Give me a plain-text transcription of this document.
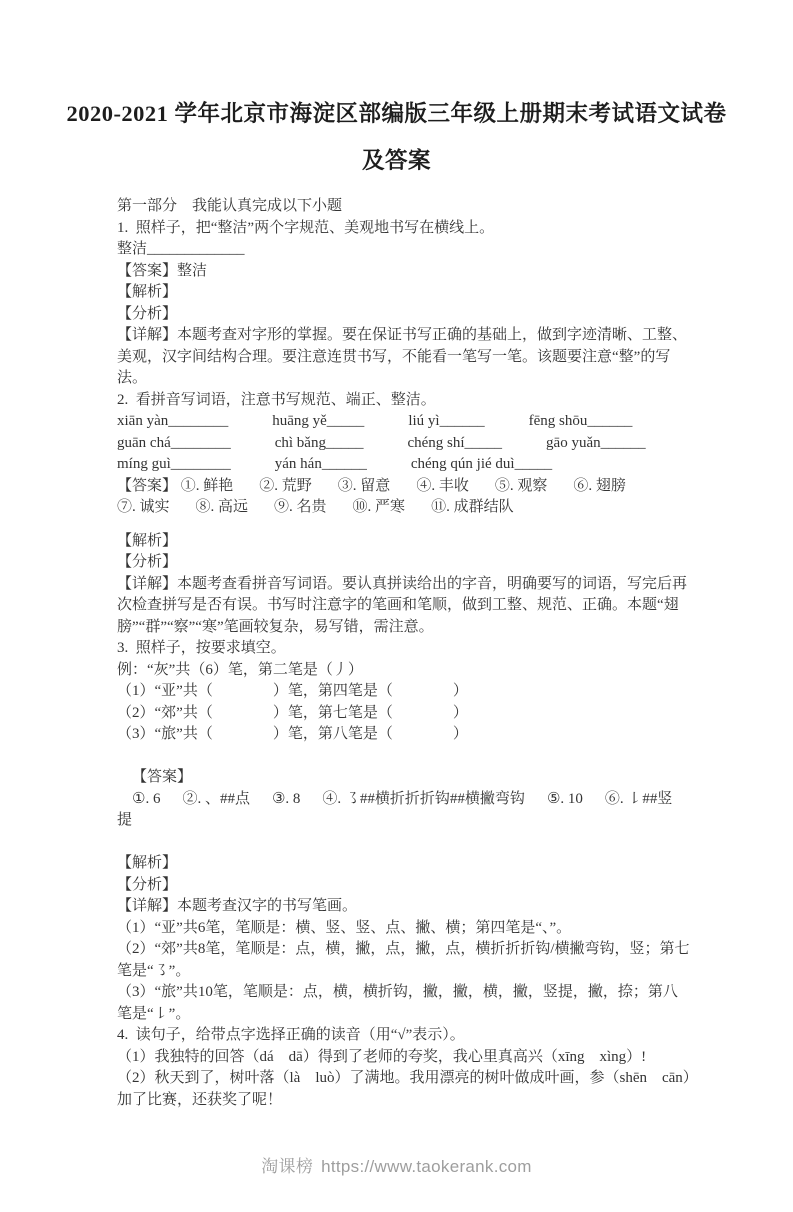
2020-2021 学年北京市海淀区部编版三年级上册期末考试语文试卷及答案

第一部分　我能认真完成以下小题

1.  照样子，把“整洁”两个字规范、美观地书写在横线上。

整洁_____________

【答案】整洁

【解析】

【分析】

【详解】本题考查对字形的掌握。要在保证书写正确的基础上，做到字迹清晰、工整、美观，汉字间结构合理。要注意连贯书写，不能看一笔写一笔。该题要注意“整”的写法。

2.  看拼音写词语，注意书写规范、端正、整洁。

xiān yàn________	huāng yě_____	liú yì______	fēng shōu______
guān chá________	chì bǎng_____	chéng shí_____	gāo yuǎn______
míng guì________	yán hán______	chéng qún jié duì_____
【答案】 ①. 鲜艳 ②. 荒野 ③. 留意 ④. 丰收 ⑤. 观察 ⑥. 翅膀
⑦. 诚实 ⑧. 高远 ⑨. 名贵 ⑩. 严寒 ⑪. 成群结队

【解析】

【分析】

【详解】本题考查看拼音写词语。要认真拼读给出的字音，明确要写的词语，写完后再次检查拼写是否有误。书写时注意字的笔画和笔顺，做到工整、规范、正确。本题“翅膀”“群”“察”“寒”笔画较复杂，易写错，需注意。

3.  照样子，按要求填空。

例：“灰”共（6）笔，第二笔是（丿）

（1）“亚”共（　　　　）笔，第四笔是（　　　　）

（2）“郊”共（　　　　）笔，第七笔是（　　　　）

（3）“旅”共（　　　　）笔，第八笔是（　　　　）

【答案】
①. 6 ②. 、##点 ③. 8 ④. ㇌##横折折折钩##横撇弯钩 ⑤. 10 ⑥. ㇙##竖提

【解析】

【分析】

【详解】本题考查汉字的书写笔画。

（1）“亚”共6笔，笔顺是：横、竖、竖、点、撇、横；第四笔是“、”。

（2）“郊”共8笔，笔顺是：点，横，撇，点，撇，点，横折折折钩/横撇弯钩，竖；第七笔是“㇌”。

（3）“旅”共10笔，笔顺是：点，横，横折钩，撇，撇，横，撇，竖提，撇，捺；第八笔是“㇙”。

4.  读句子，给带点字选择正确的读音（用“√”表示）。

（1）我独特的回答（dá　dā）得到了老师的夸奖，我心里真高兴（xīng　xìng）!

（2）秋天到了，树叶落（là　luò）了满地。我用漂亮的树叶做成叶画，参（shēn　cān）加了比赛，还获奖了呢！

淘课榜 https://www.taokerank.com
